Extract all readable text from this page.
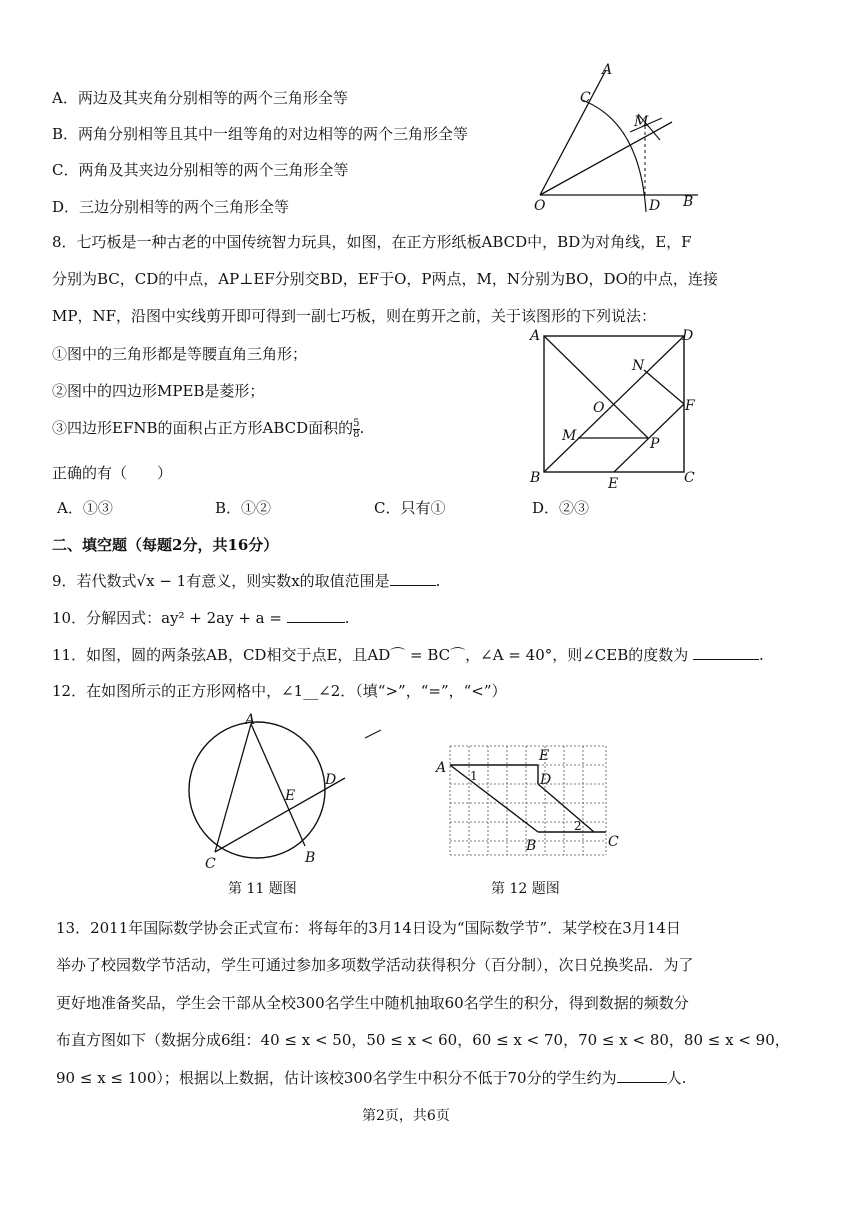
A．两边及其夹角分别相等的两个三角形全等
B．两角分别相等且其中一组等角的对边相等的两个三角形全等
C．两角及其夹边分别相等的两个三角形全等
D．三边分别相等的两个三角形全等
A
C
M
O	D B
8．七巧板是一种古老的中国传统智力玩具，如图，在正方形纸板ABCD中，BD为对角线，E，F
分别为BC，CD的中点，AP⊥EF分别交BD，EF于O，P两点，M，N分别为BO，DO的中点，连接
MP，NF，沿图中实线剪开即可得到一副七巧板，则在剪开之前，关于该图形的下列说法：
①图中的三角形都是等腰直角三角形；
②图中的四边形MPEB是菱形；
③四边形EFNB的面积占正方形ABCD面积的 $\frac{5}{8}$ .
正确的有（　　）
A．①③	B．①②	C．只有①	D．②③
A	D
N
O	F
M	P
B	E	C
二、填空题（每题2分，共16分）
9．若代数式√x − 1有意义，则实数x的取值范围是	.
10．分解因式：ay² + 2ay + a =	.
11．如图，圆的两条弦AB，CD相交于点E，且AD⌒ = BC⌒，∠A = 40°，则∠CEB的度数为	.
12．在如图所示的正方形网格中，∠1__∠2．（填“>”，“=”，“<”）
A
D
E
C	B
A
E
D
B	C
1
2
第 11 题图	第 12 题图
13．2011年国际数学协会正式宣布：将每年的3月14日设为“国际数学节”．某学校在3月14日
举办了校园数学节活动，学生可通过参加多项数学活动获得积分（百分制），次日兑换奖品．为了
更好地准备奖品，学生会干部从全校300名学生中随机抽取60名学生的积分，得到数据的频数分
布直方图如下（数据分成6组：40 ≤ x < 50，50 ≤ x < 60，60 ≤ x < 70，70 ≤ x < 80，80 ≤ x < 90，
90 ≤ x ≤ 100）；根据以上数据，估计该校300名学生中积分不低于70分的学生约为	人.
第2页，共6页
